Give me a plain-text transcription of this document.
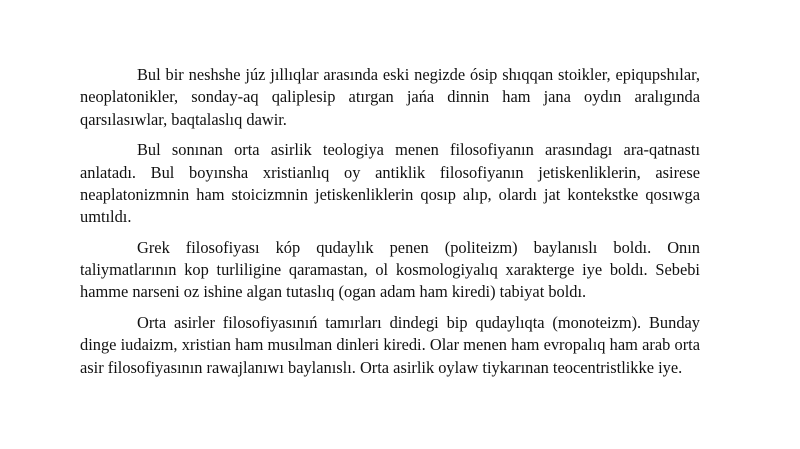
Bul bir neshshe júz jıllıqlar arasında eski negizde ósip shıqqan stoikler, epiqupshılar, neoplatonikler, sonday-aq qaliplesip atırgan jańa dinnin ham jana oydın aralıgında qarsılasıwlar, baqtalaslıq dawir.

Bul sonınan orta asirlik teologiya menen filosofiyanın arasındagı ara-qatnastı anlatadı. Bul boyınsha xristianlıq oy antiklik filosofiyanın jetiskenliklerin, asirese neaplatonizmnin ham stoicizmnin jetiskenliklerin qosıp alıp, olardı jat kontekstke qosıwga umtıldı.

Grek filosofiyası kóp qudaylık penen (politeizm) baylanıslı boldı. Onın taliymatlarının kop turliligine qaramastan, ol kosmologiyalıq xarakterge iye boldı. Sebebi hamme narseni oz ishine algan tutaslıq (ogan adam ham kiredi) tabiyat boldı.

Orta asirler filosofiyasınıń tamırları dindegi bip qudaylıqta (monoteizm). Bunday dinge iudaizm, xristian ham musılman dinleri kiredi. Olar menen ham evropalıq ham arab orta asir filosofiyasının rawajlanıwı baylanıslı. Orta asirlik oylaw tiykarınan teocentristlikke iye.
